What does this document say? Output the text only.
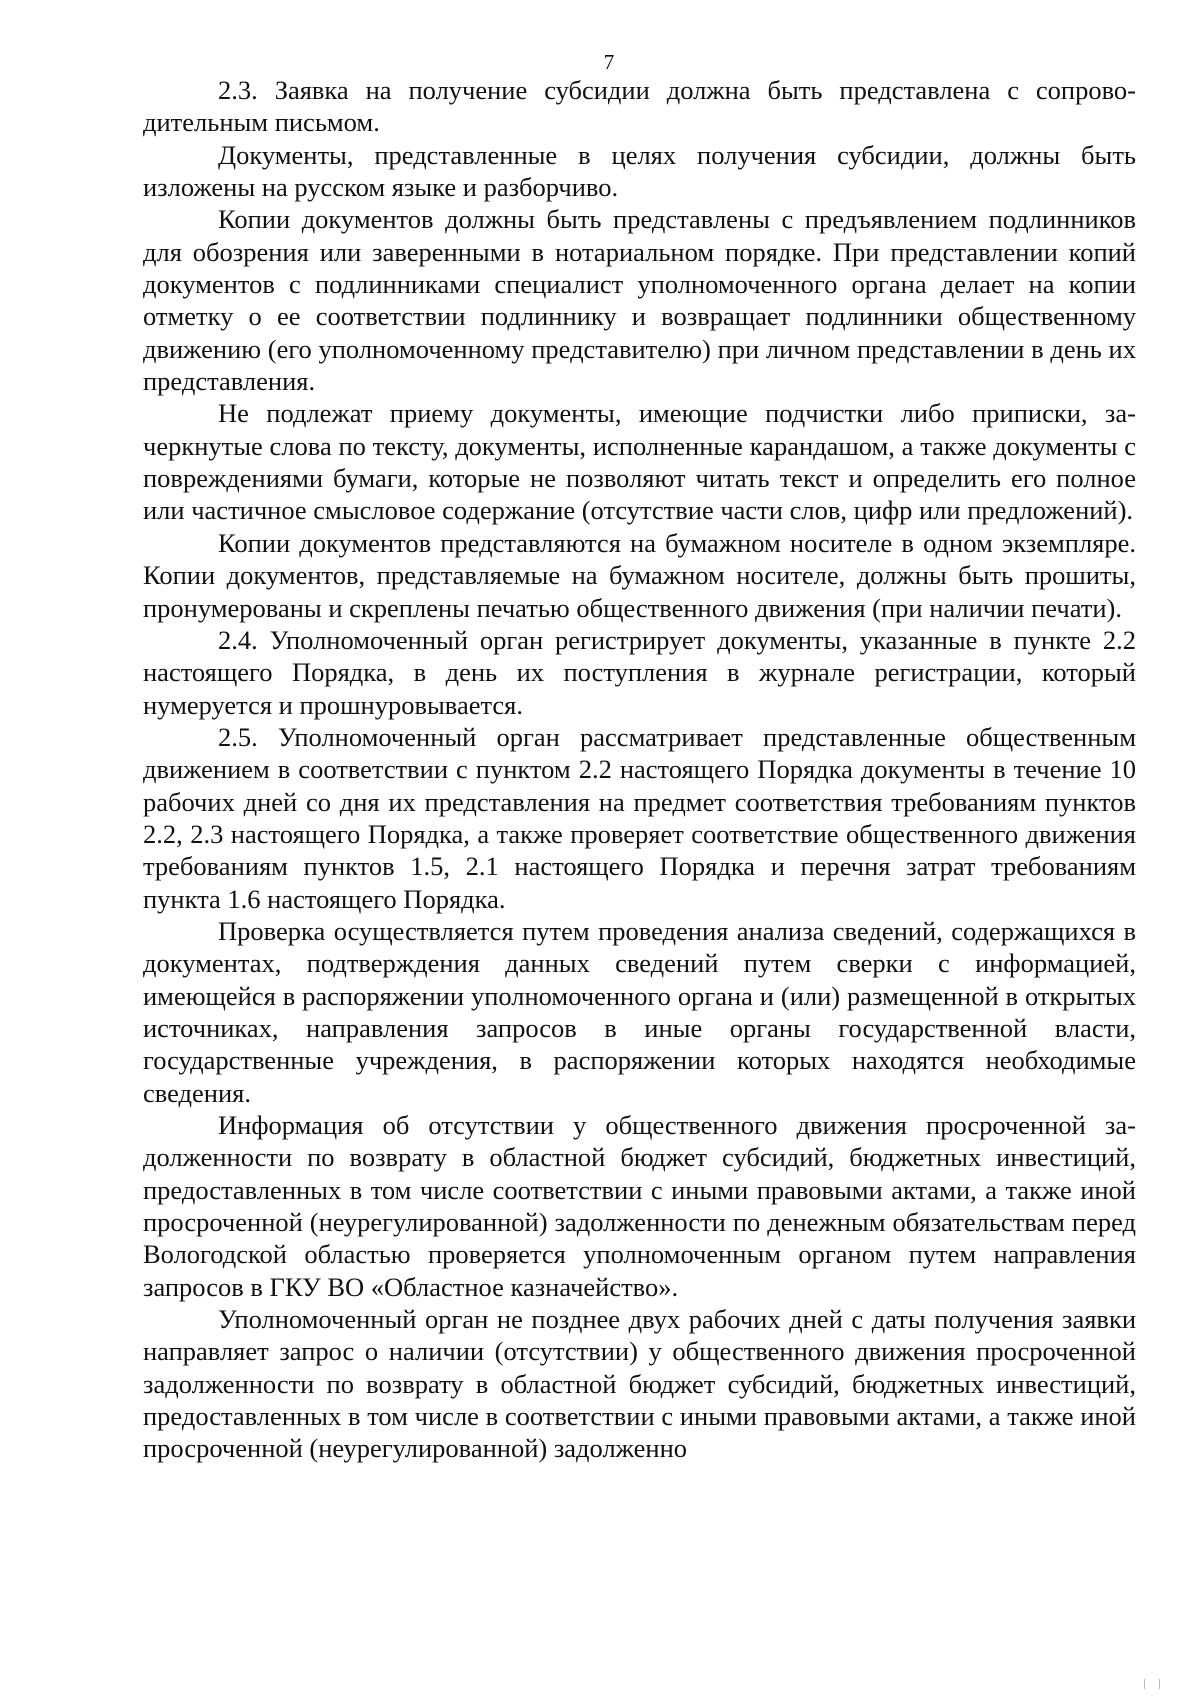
7

2.3. Заявка на получение субсидии должна быть представлена с сопроводительным письмом.

Документы, представленные в целях получения субсидии, должны быть изложены на русском языке и разборчиво.

Копии документов должны быть представлены с предъявлением подлинников для обозрения или заверенными в нотариальном порядке. При представлении копий документов с подлинниками специалист уполномоченного органа делает на копии отметку о ее соответствии подлиннику и возвращает подлинники общественному движению (его уполномоченному представителю) при личном представлении в день их представления.

Не подлежат приему документы, имеющие подчистки либо приписки, зачеркнутые слова по тексту, документы, исполненные карандашом, а также документы с повреждениями бумаги, которые не позволяют читать текст и определить его полное или частичное смысловое содержание (отсутствие части слов, цифр или предложений).

Копии документов представляются на бумажном носителе в одном экземпляре. Копии документов, представляемые на бумажном носителе, должны быть прошиты, пронумерованы и скреплены печатью общественного движения (при наличии печати).

2.4. Уполномоченный орган регистрирует документы, указанные в пункте 2.2 настоящего Порядка, в день их поступления в журнале регистрации, который нумеруется и прошнуровывается.

2.5. Уполномоченный орган рассматривает представленные общественным движением в соответствии с пунктом 2.2 настоящего Порядка документы в течение 10 рабочих дней со дня их представления на предмет соответствия требованиям пунктов 2.2, 2.3 настоящего Порядка, а также проверяет соответствие общественного движения требованиям пунктов 1.5, 2.1 настоящего Порядка и перечня затрат требованиям пункта 1.6 настоящего Порядка.

Проверка осуществляется путем проведения анализа сведений, содержащихся в документах, подтверждения данных сведений путем сверки с информацией, имеющейся в распоряжении уполномоченного органа и (или) размещенной в открытых источниках, направления запросов в иные органы государственной власти, государственные учреждения, в распоряжении которых находятся необходимые сведения.

Информация об отсутствии у общественного движения просроченной задолженности по возврату в областной бюджет субсидий, бюджетных инвестиций, предоставленных в том числе соответствии с иными правовыми актами, а также иной просроченной (неурегулированной) задолженности по денежным обязательствам перед Вологодской областью проверяется уполномоченным органом путем направления запросов в ГКУ ВО «Областное казначейство».

Уполномоченный орган не позднее двух рабочих дней с даты получения заявки направляет запрос о наличии (отсутствии) у общественного движения просроченной задолженности по возврату в областной бюджет субсидий, бюджетных инвестиций, предоставленных в том числе в соответствии с иными правовыми актами, а также иной просроченной (неурегулированной) задолженно
